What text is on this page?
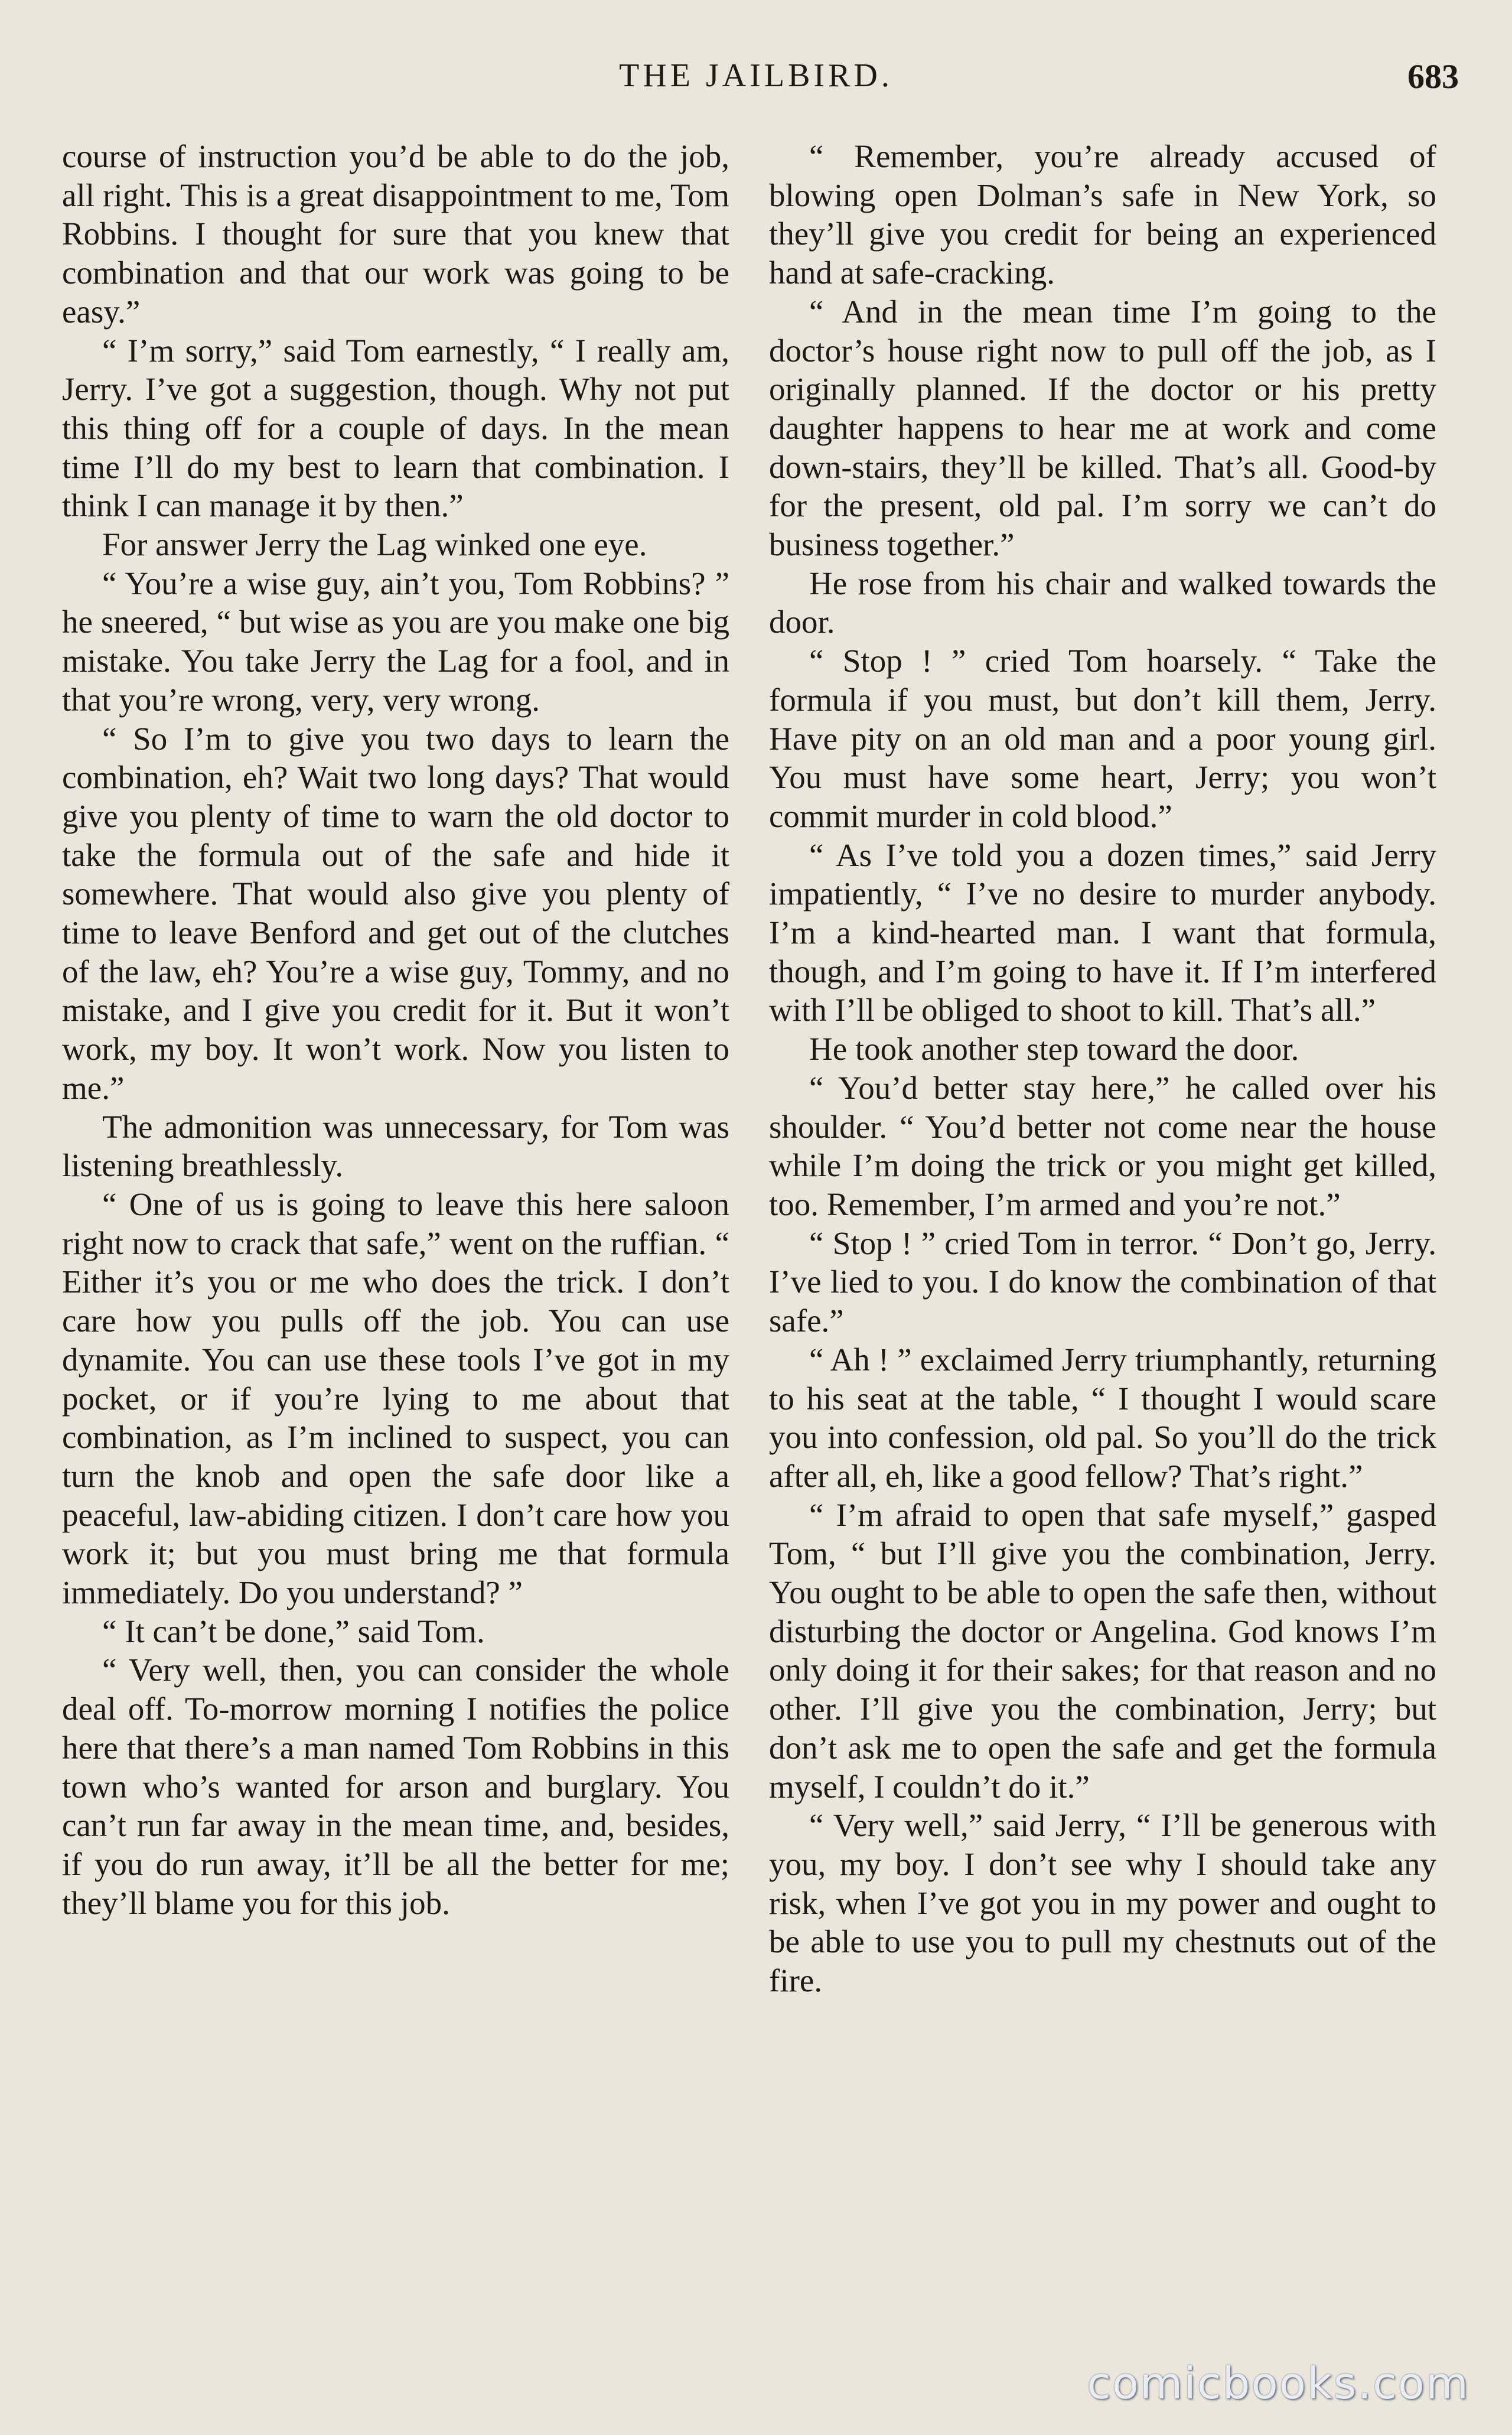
THE JAILBIRD.	683

course of instruction you’d be able to do the job, all right. This is a great disappointment to me, Tom Robbins. I thought for sure that you knew that combination and that our work was going to be easy.”

“ I’m sorry,” said Tom earnestly, “ I really am, Jerry. I’ve got a suggestion, though. Why not put this thing off for a couple of days. In the mean time I’ll do my best to learn that combination. I think I can manage it by then.”

For answer Jerry the Lag winked one eye.

“ You’re a wise guy, ain’t you, Tom Robbins? ” he sneered, “ but wise as you are you make one big mistake. You take Jerry the Lag for a fool, and in that you’re wrong, very, very wrong.

“ So I’m to give you two days to learn the combination, eh? Wait two long days? That would give you plenty of time to warn the old doctor to take the formula out of the safe and hide it somewhere. That would also give you plenty of time to leave Benford and get out of the clutches of the law, eh? You’re a wise guy, Tommy, and no mistake, and I give you credit for it. But it won’t work, my boy. It won’t work. Now you listen to me.”

The admonition was unnecessary, for Tom was listening breathlessly.

“ One of us is going to leave this here saloon right now to crack that safe,” went on the ruffian. “ Either it’s you or me who does the trick. I don’t care how you pulls off the job. You can use dynamite. You can use these tools I’ve got in my pocket, or if you’re lying to me about that combination, as I’m inclined to suspect, you can turn the knob and open the safe door like a peaceful, law-abiding citizen. I don’t care how you work it; but you must bring me that formula immediately. Do you understand? ”

“ It can’t be done,” said Tom.

“ Very well, then, you can consider the whole deal off. To-morrow morning I notifies the police here that there’s a man named Tom Robbins in this town who’s wanted for arson and burglary. You can’t run far away in the mean time, and, besides, if you do run away, it’ll be all the better for me; they’ll blame you for this job.

“ Remember, you’re already accused of blowing open Dolman’s safe in New York, so they’ll give you credit for being an experienced hand at safe-cracking.

“ And in the mean time I’m going to the doctor’s house right now to pull off the job, as I originally planned. If the doctor or his pretty daughter happens to hear me at work and come down-stairs, they’ll be killed. That’s all. Good-by for the present, old pal. I’m sorry we can’t do business together.”

He rose from his chair and walked towards the door.

“ Stop ! ” cried Tom hoarsely. “ Take the formula if you must, but don’t kill them, Jerry. Have pity on an old man and a poor young girl. You must have some heart, Jerry; you won’t commit murder in cold blood.”

“ As I’ve told you a dozen times,” said Jerry impatiently, “ I’ve no desire to murder anybody. I’m a kind-hearted man. I want that formula, though, and I’m going to have it. If I’m interfered with I’ll be obliged to shoot to kill. That’s all.”

He took another step toward the door.

“ You’d better stay here,” he called over his shoulder. “ You’d better not come near the house while I’m doing the trick or you might get killed, too. Remember, I’m armed and you’re not.”

“ Stop ! ” cried Tom in terror. “ Don’t go, Jerry. I’ve lied to you. I do know the combination of that safe.”

“ Ah ! ” exclaimed Jerry triumphantly, returning to his seat at the table, “ I thought I would scare you into confession, old pal. So you’ll do the trick after all, eh, like a good fellow? That’s right.”

“ I’m afraid to open that safe myself,” gasped Tom, “ but I’ll give you the combination, Jerry. You ought to be able to open the safe then, without disturbing the doctor or Angelina. God knows I’m only doing it for their sakes; for that reason and no other. I’ll give you the combination, Jerry; but don’t ask me to open the safe and get the formula myself, I couldn’t do it.”

“ Very well,” said Jerry, “ I’ll be generous with you, my boy. I don’t see why I should take any risk, when I’ve got you in my power and ought to be able to use you to pull my chestnuts out of the fire.

comicbooks.com
